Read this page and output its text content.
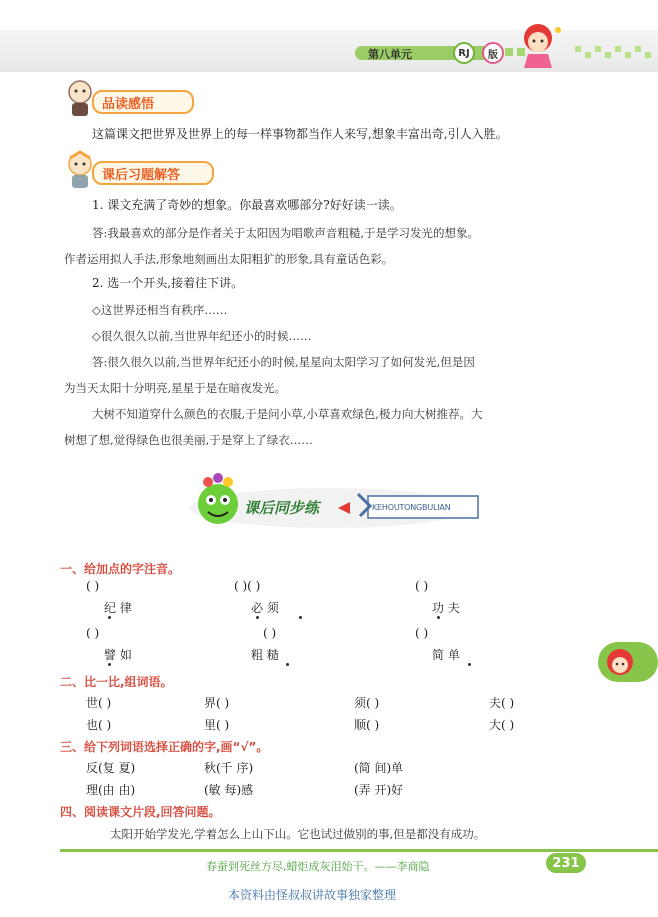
第八单元	RJ	版
品读感悟
这篇课文把世界及世界上的每一样事物都当作人来写,想象丰富出奇,引人入胜。
课后习题解答
1. 课文充满了奇妙的想象。你最喜欢哪部分?好好读一读。
答:我最喜欢的部分是作者关于太阳因为唱歌声音粗糙,于是学习发光的想象。
作者运用拟人手法,形象地刻画出太阳粗犷的形象,具有童话色彩。
2. 选一个开头,接着往下讲。
◇这世界还相当有秩序……
◇很久很久以前,当世界年纪还小的时候……
答:很久很久以前,当世界年纪还小的时候,星星向太阳学习了如何发光,但是因
为当天太阳十分明亮,星星于是在暗夜发光。
大树不知道穿什么颜色的衣服,于是问小草,小草喜欢绿色,极力向大树推荐。大
树想了想,觉得绿色也很美丽,于是穿上了绿衣……
课后同步练	KEHOUTONGBULIAN
一、给加点的字注音。
( )	( )( )	( )
纪 律	必 须	功 夫
( )	( )	( )
譬 如	粗 糙	简 单
二、比一比,组词语。
世( )	界( )	须( )	夫( )
也( )	里( )	顺( )	大( )
三、给下列词语选择正确的字,画“√”。
反(复 夏)	秋(千 序)	(简 间)单
理(由 由)	(敏 每)感	(弄 开)好
四、阅读课文片段,回答问题。
太阳开始学发光,学着怎么上山下山。它也试过做别的事,但是都没有成功。
春蚕到死丝方尽,蜡炬成灰泪始干。——李商隐	231
本资料由怪叔叔讲故事独家整理
